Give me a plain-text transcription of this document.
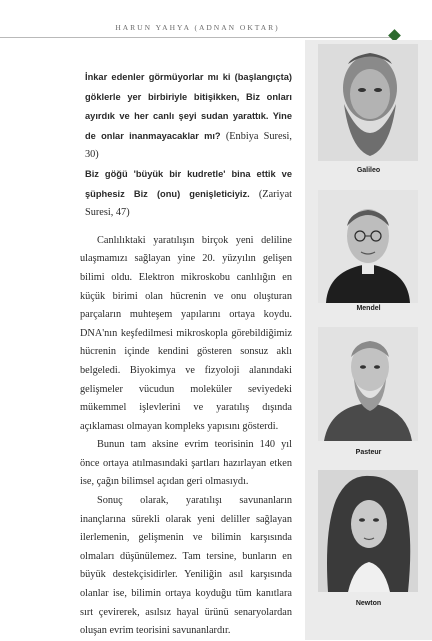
HARUN YAHYA (ADNAN OKTAR)
Galileo
Mendel
Pasteur
Newton

İnkar edenler görmüyorlar mı ki (başlangıçta) göklerle yer birbiriyle bitişikken, Biz onları ayırdık ve her canlı şeyi sudan yarattık. Yine de onlar inanmayacaklar mı? (Enbiya Suresi, 30)

Biz göğü 'büyük bir kudretle' bina ettik ve şüphesiz Biz (onu) genişleticiyiz. (Zariyat Suresi, 47)

Canlılıktaki yaratılışın birçok yeni deliline ulaşmamızı sağlayan yine 20. yüzyılın gelişen bilimi oldu. Elektron mikroskobu canlılığın en küçük birimi olan hücrenin ve onu oluşturan parçaların muhteşem yapılarını ortaya koydu. DNA'nın keşfedilmesi mikroskopla görebildiğimiz hücrenin içinde kendini gösteren sonsuz aklı belgeledi. Biyokimya ve fizyoloji alanındaki gelişmeler vücudun moleküler seviyedeki mükemmel işlevlerini ve yaratılış dışında açıklaması olmayan kompleks yapısını gösterdi.

Bunun tam aksine evrim teorisinin 140 yıl önce ortaya atılmasındaki şartları hazırlayan etken ise, çağın bilimsel açıdan geri olmasıydı.

Sonuç olarak, yaratılışı savunanların inançlarına sürekli olarak yeni deliller sağlayan ilerlemenin, gelişmenin ve bilimin karşısında olmaları düşünülemez. Tam tersine, bunların en büyük destekçisidirler. Yeniliğin asıl karşısında olanlar ise, bilimin ortaya koyduğu tüm kanıtlara sırt çevirerek, asılsız hayal ürünü senaryolardan oluşan evrim teorisini savunanlardır.
